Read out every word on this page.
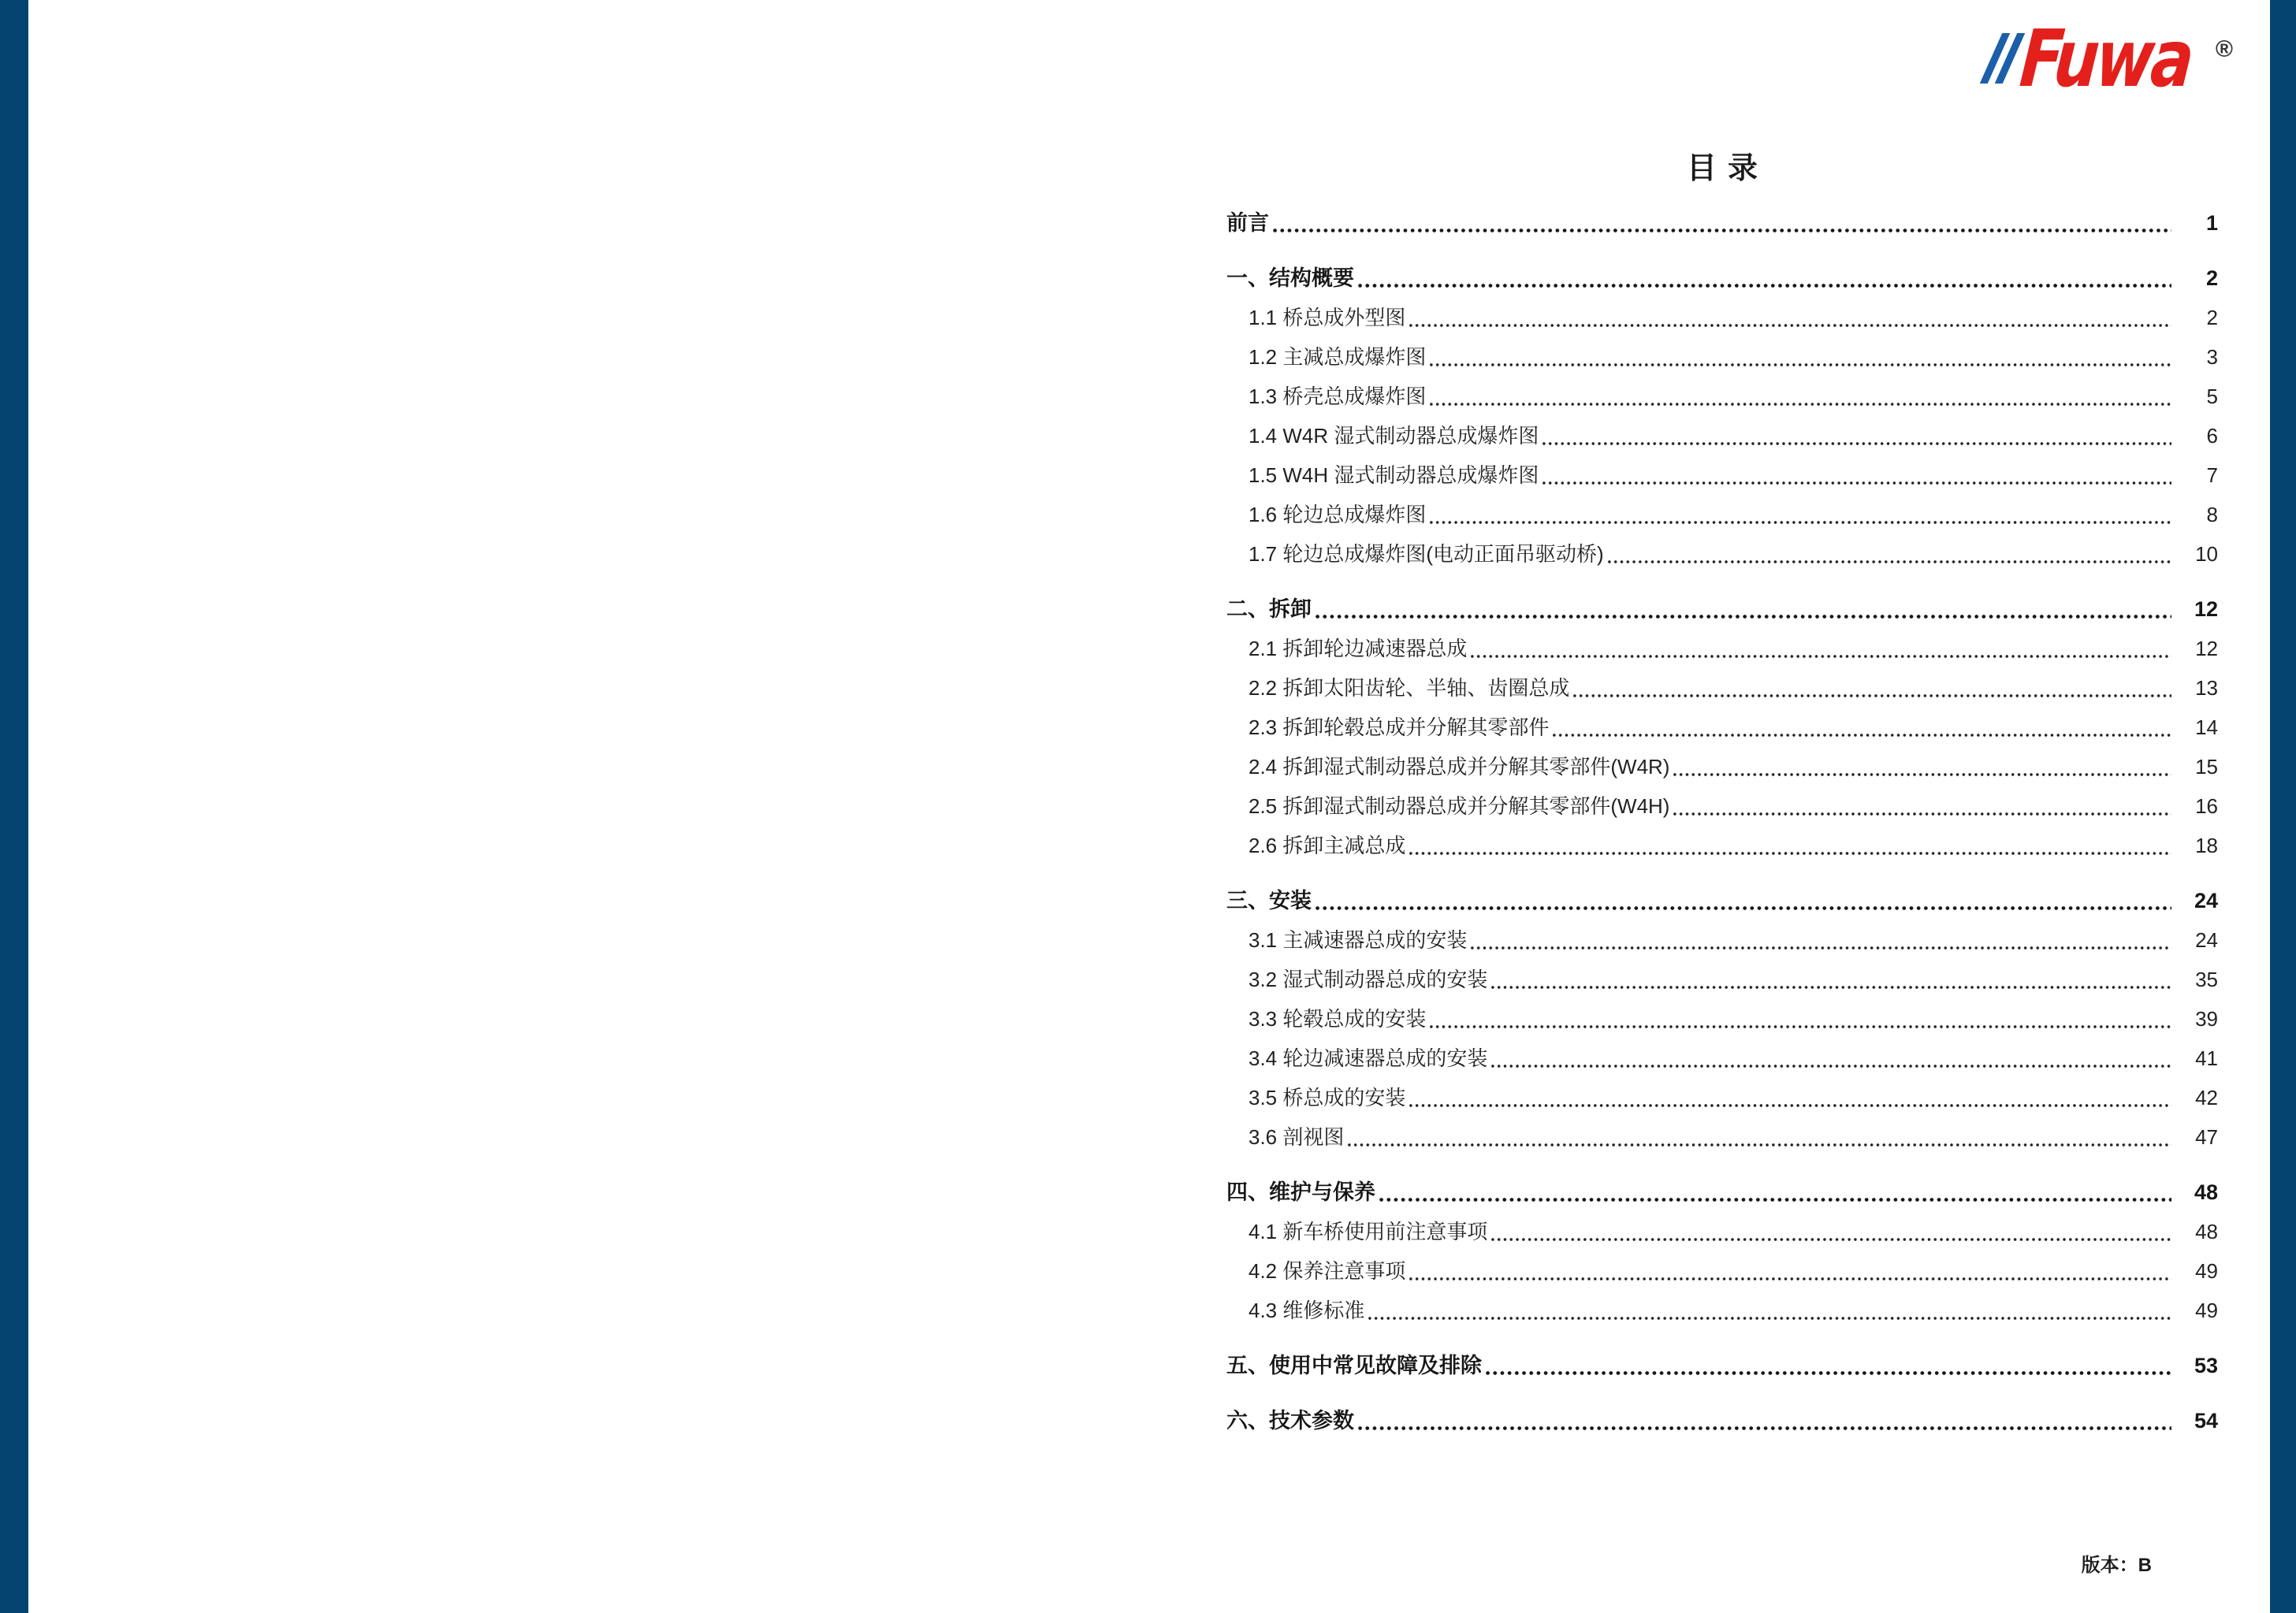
Fuwa ®
目录
前言	1
一、结构概要	2
1.1 桥总成外型图	2
1.2 主减总成爆炸图	3
1.3 桥壳总成爆炸图	5
1.4 W4R 湿式制动器总成爆炸图	6
1.5 W4H 湿式制动器总成爆炸图	7
1.6 轮边总成爆炸图	8
1.7 轮边总成爆炸图(电动正面吊驱动桥)	10
二、拆卸	12
2.1 拆卸轮边减速器总成	12
2.2 拆卸太阳齿轮、半轴、齿圈总成	13
2.3 拆卸轮毂总成并分解其零部件	14
2.4 拆卸湿式制动器总成并分解其零部件(W4R)	15
2.5 拆卸湿式制动器总成并分解其零部件(W4H)	16
2.6 拆卸主减总成	18
三、安装	24
3.1 主减速器总成的安装	24
3.2 湿式制动器总成的安装	35
3.3 轮毂总成的安装	39
3.4 轮边减速器总成的安装	41
3.5 桥总成的安装	42
3.6 剖视图	47
四、维护与保养	48
4.1 新车桥使用前注意事项	48
4.2 保养注意事项	49
4.3 维修标准	49
五、使用中常见故障及排除	53
六、技术参数	54
版本：B
